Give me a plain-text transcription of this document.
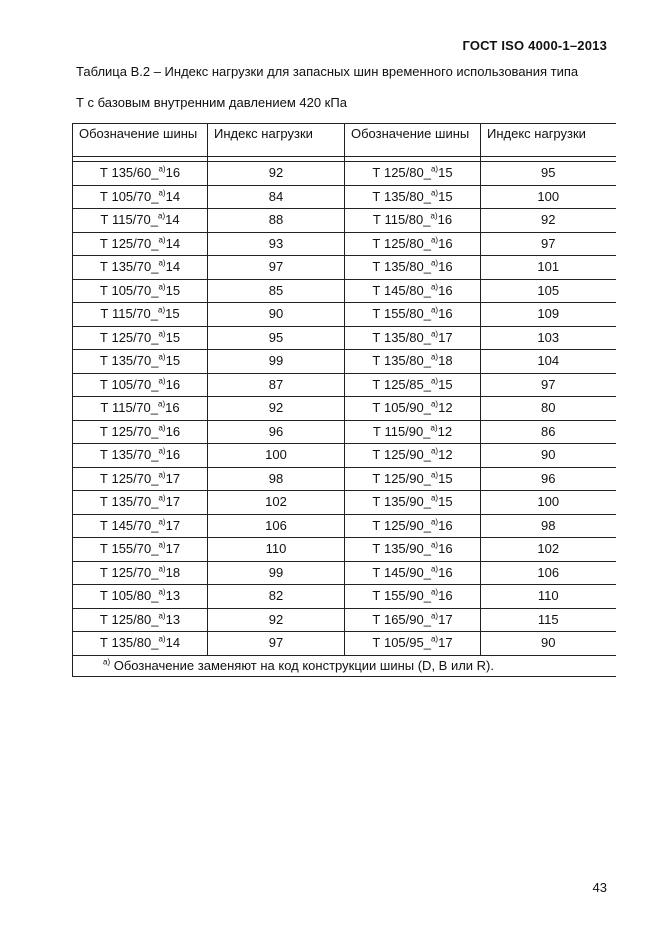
ГОСТ ISO 4000-1–2013
Таблица В.2 – Индекс нагрузки для запасных шин временного использования типа
Т с базовым внутренним давлением 420 кПа
Обозначение шины	Индекс нагрузки	Обозначение шины	Индекс нагрузки

Т 135/60_$^{a)}$16	92	Т 125/80_$^{a)}$15	95
Т 105/70_$^{a)}$14	84	Т 135/80_$^{a)}$15	100
Т 115/70_$^{a)}$14	88	Т 115/80_$^{a)}$16	92
Т 125/70_$^{a)}$14	93	Т 125/80_$^{a)}$16	97
Т 135/70_$^{a)}$14	97	Т 135/80_$^{a)}$16	101
Т 105/70_$^{a)}$15	85	Т 145/80_$^{a)}$16	105
Т 115/70_$^{a)}$15	90	Т 155/80_$^{a)}$16	109
Т 125/70_$^{a)}$15	95	Т 135/80_$^{a)}$17	103
Т 135/70_$^{a)}$15	99	Т 135/80_$^{a)}$18	104
Т 105/70_$^{a)}$16	87	Т 125/85_$^{a)}$15	97
Т 115/70_$^{a)}$16	92	Т 105/90_$^{a)}$12	80
Т 125/70_$^{a)}$16	96	Т 115/90_$^{a)}$12	86
Т 135/70_$^{a)}$16	100	Т 125/90_$^{a)}$12	90
Т 125/70_$^{a)}$17	98	Т 125/90_$^{a)}$15	96
Т 135/70_$^{a)}$17	102	Т 135/90_$^{a)}$15	100
Т 145/70_$^{a)}$17	106	Т 125/90_$^{a)}$16	98
Т 155/70_$^{a)}$17	110	Т 135/90_$^{a)}$16	102
Т 125/70_$^{a)}$18	99	Т 145/90_$^{a)}$16	106
Т 105/80_$^{a)}$13	82	Т 155/90_$^{a)}$16	110
Т 125/80_$^{a)}$13	92	Т 165/90_$^{a)}$17	115
Т 135/80_$^{a)}$14	97	Т 105/95_$^{a)}$17	90
$^{a)}$ Обозначение заменяют на код конструкции шины (D, B или R).			
43
